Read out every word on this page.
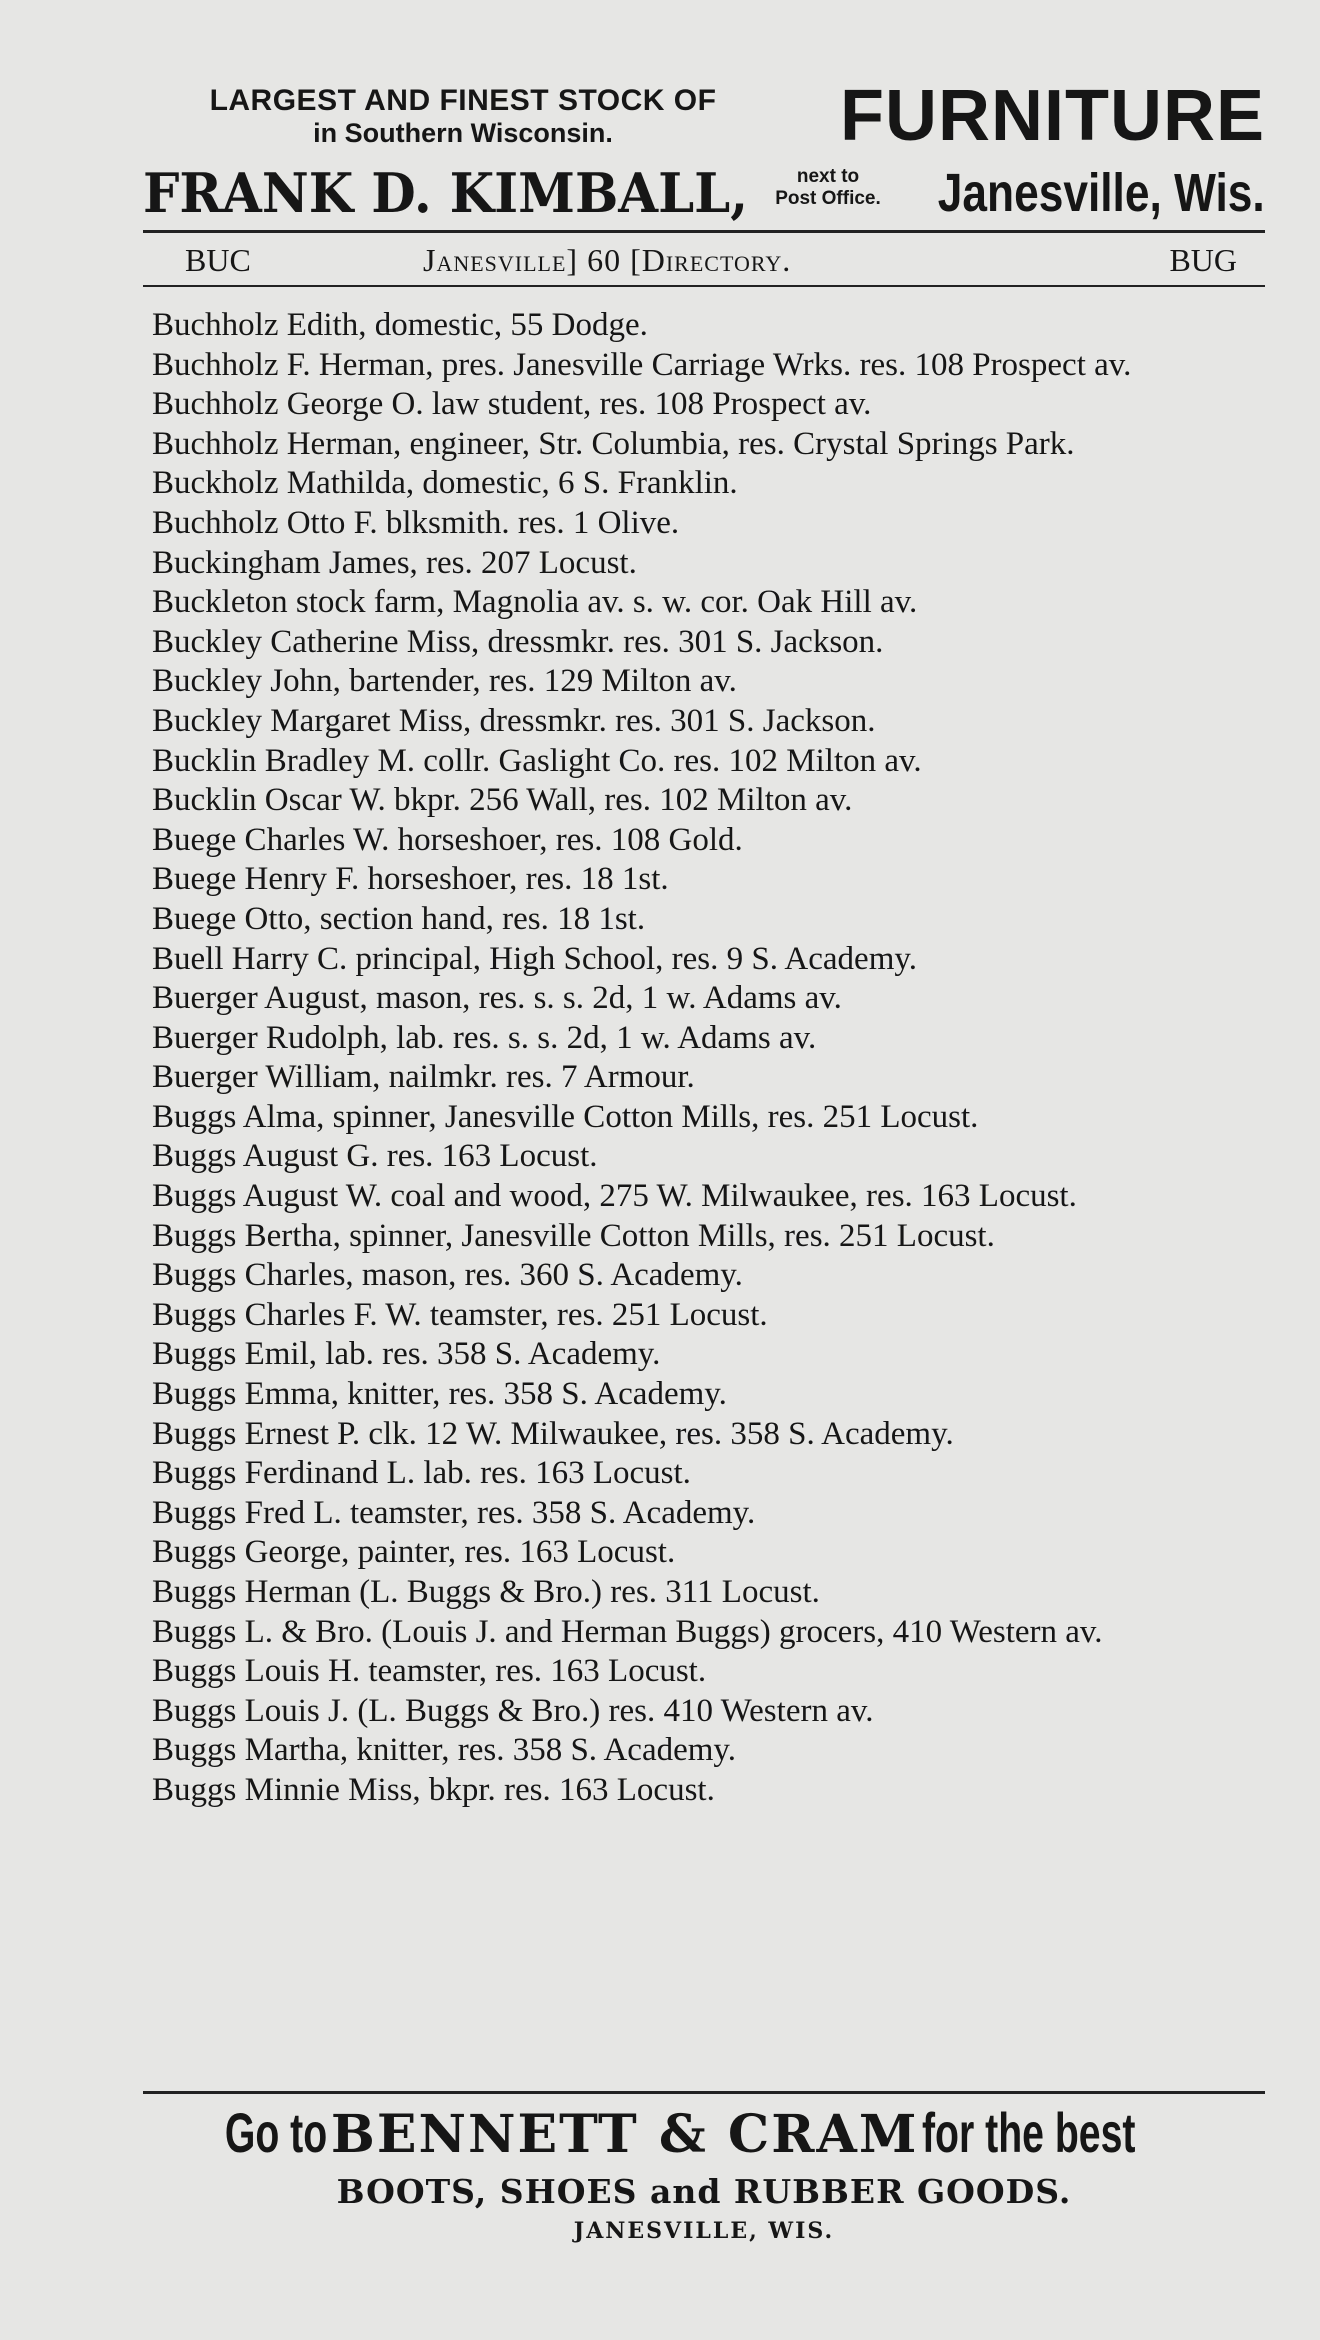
LARGEST AND FINEST STOCK OF
in Southern Wisconsin.	FURNITURE
FRANK D. KIMBALL,	next to
Post Office. Janesville, Wis.
BUC	Janesville] 60 [Directory.	BUG
Buchholz Edith, domestic, 55 Dodge.
Buchholz F. Herman, pres. Janesville Carriage Wrks. res. 108 Prospect av.
Buchholz George O. law student, res. 108 Prospect av.
Buchholz Herman, engineer, Str. Columbia, res. Crystal Springs Park.
Buckholz Mathilda, domestic, 6 S. Franklin.
Buchholz Otto F. blksmith. res. 1 Olive.
Buckingham James, res. 207 Locust.
Buckleton stock farm, Magnolia av. s. w. cor. Oak Hill av.
Buckley Catherine Miss, dressmkr. res. 301 S. Jackson.
Buckley John, bartender, res. 129 Milton av.
Buckley Margaret Miss, dressmkr. res. 301 S. Jackson.
Bucklin Bradley M. collr. Gaslight Co. res. 102 Milton av.
Bucklin Oscar W. bkpr. 256 Wall, res. 102 Milton av.
Buege Charles W. horseshoer, res. 108 Gold.
Buege Henry F. horseshoer, res. 18 1st.
Buege Otto, section hand, res. 18 1st.
Buell Harry C. principal, High School, res. 9 S. Academy.
Buerger August, mason, res. s. s. 2d, 1 w. Adams av.
Buerger Rudolph, lab. res. s. s. 2d, 1 w. Adams av.
Buerger William, nailmkr. res. 7 Armour.
Buggs Alma, spinner, Janesville Cotton Mills, res. 251 Locust.
Buggs August G. res. 163 Locust.
Buggs August W. coal and wood, 275 W. Milwaukee, res. 163 Locust.
Buggs Bertha, spinner, Janesville Cotton Mills, res. 251 Locust.
Buggs Charles, mason, res. 360 S. Academy.
Buggs Charles F. W. teamster, res. 251 Locust.
Buggs Emil, lab. res. 358 S. Academy.
Buggs Emma, knitter, res. 358 S. Academy.
Buggs Ernest P. clk. 12 W. Milwaukee, res. 358 S. Academy.
Buggs Ferdinand L. lab. res. 163 Locust.
Buggs Fred L. teamster, res. 358 S. Academy.
Buggs George, painter, res. 163 Locust.
Buggs Herman (L. Buggs & Bro.) res. 311 Locust.
Buggs L. & Bro. (Louis J. and Herman Buggs) grocers, 410 Western av.
Buggs Louis H. teamster, res. 163 Locust.
Buggs Louis J. (L. Buggs & Bro.) res. 410 Western av.
Buggs Martha, knitter, res. 358 S. Academy.
Buggs Minnie Miss, bkpr. res. 163 Locust.
Go to BENNETT & CRAM for the best
BOOTS, SHOES and RUBBER GOODS.
JANESVILLE, WIS.
